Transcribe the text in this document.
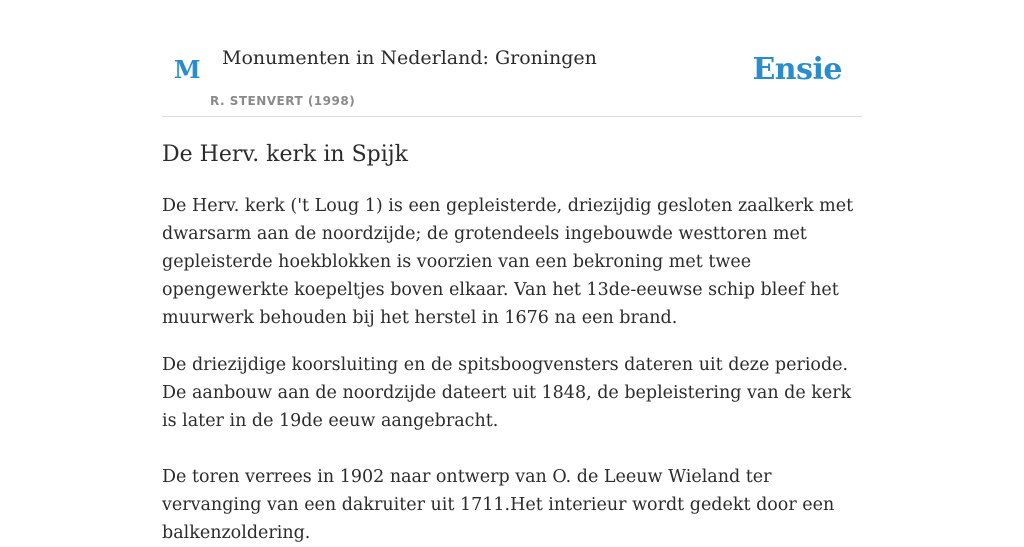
M Monumenten in Nederland: Groningen
R. STENVERT (1998)
Ensie
De Herv. kerk in Spijk

De Herv. kerk ('t Loug 1) is een gepleisterde, driezijdig gesloten zaalkerk met dwarsarm aan de noordzijde; de grotendeels ingebouwde westtoren met gepleisterde hoekblokken is voorzien van een bekroning met twee opengewerkte koepeltjes boven elkaar. Van het 13de-eeuwse schip bleef het muurwerk behouden bij het herstel in 1676 na een brand.

De driezijdige koorsluiting en de spitsboogvensters dateren uit deze periode. De aanbouw aan de noordzijde dateert uit 1848, de bepleistering van de kerk is later in de 19de eeuw aangebracht.

De toren verrees in 1902 naar ontwerp van O. de Leeuw Wieland ter vervanging van een dakruiter uit 1711.Het interieur wordt gedekt door een balkenzoldering.
